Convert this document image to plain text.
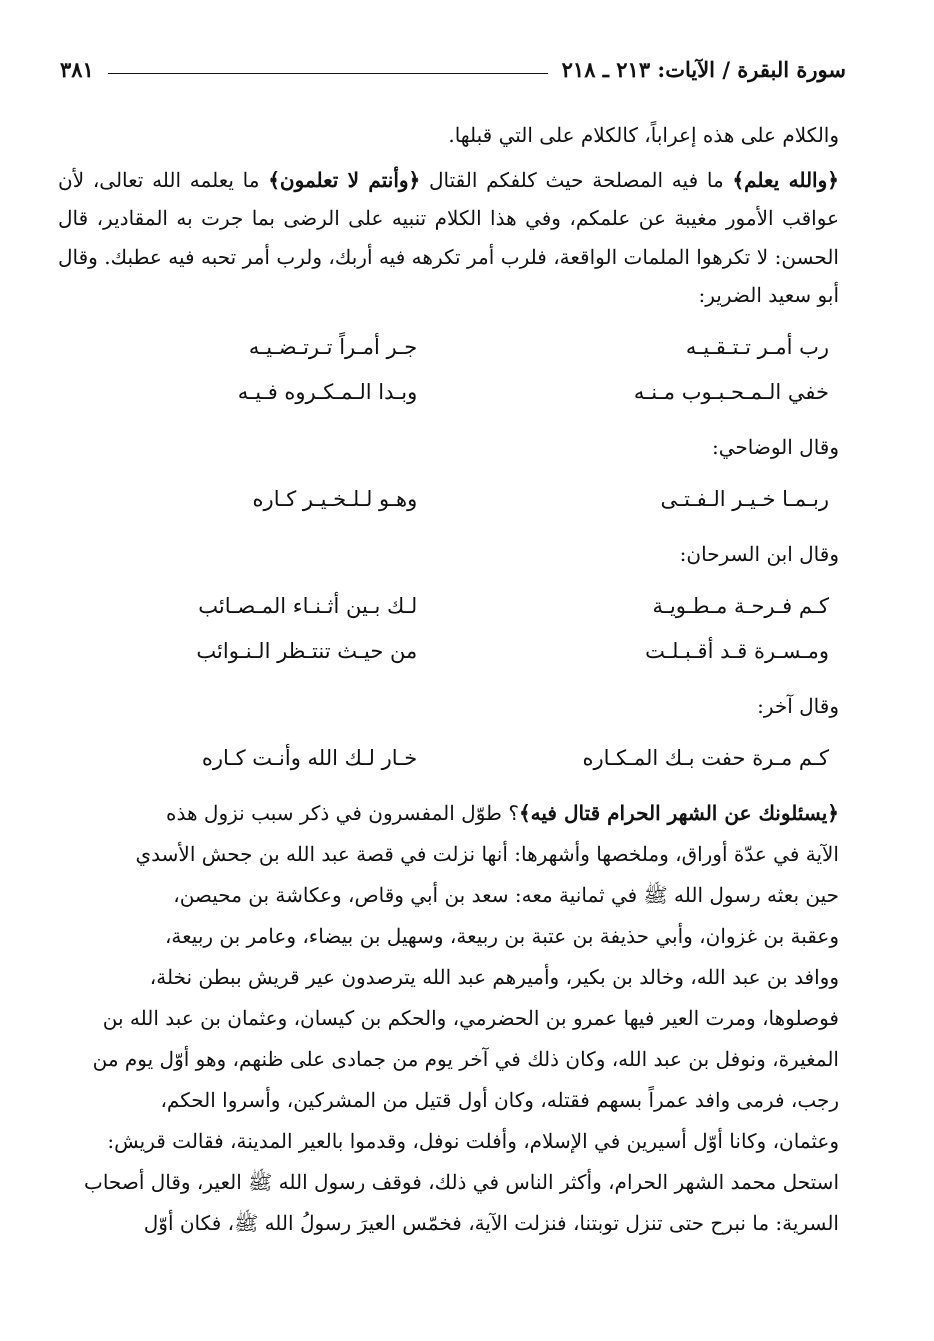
سورة البقرة / الآيات: ٢١٣ ـ ٢١٨
٣٨١

والكلام على هذه إعراباً، كالكلام على التي قبلها.

﴿والله يعلم﴾ ما فيه المصلحة حيث كلفكم القتال ﴿وأنتم لا تعلمون﴾ ما يعلمه الله تعالى، لأن عواقب الأمور مغيبة عن علمكم، وفي هذا الكلام تنبيه على الرضى بما جرت به المقادير، قال الحسن: لا تكرهوا الملمات الواقعة، فلرب أمر تكرهه فيه أربك، ولرب أمر تحبه فيه عطبك. وقال أبو سعيد الضرير:

رب أمـر تـتـقـيـه
جـر أمـراً تـرتـضـيـه
خفي الـمـحـبـوب مـنـه
وبـدا الـمـكـروه فـيـه
وقال الوضاحي:
ربـمـا خـيـر الـفـتـى
وهـو لـلـخـيـر كـاره
وقال ابن السرحان:
كـم فـرحـة مـطـويـة
لـك بـين أثـنـاء المـصـائب
ومـسـرة قـد أقـبـلـت
من حيـث تنتـظر الـنـوائب
وقال آخر:
كـم مـرة حفت بـك المـكـاره
خـار لـك الله وأنـت كـاره
﴿يسئلونك عن الشهر الحرام قتال فيه﴾؟ طوّل المفسرون في ذكر سبب نزول هذه
الآية في عدّة أوراق، وملخصها وأشهرها: أنها نزلت في قصة عبد الله بن جحش الأسدي
حين بعثه رسول الله ﷺ في ثمانية معه: سعد بن أبي وقاص، وعكاشة بن محيصن،
وعقبة بن غزوان، وأبي حذيفة بن عتبة بن ربيعة، وسهيل بن بيضاء، وعامر بن ربيعة،
ووافد بن عبد الله، وخالد بن بكير، وأميرهم عبد الله يترصدون عير قريش ببطن نخلة،
فوصلوها، ومرت العير فيها عمرو بن الحضرمي، والحكم بن كيسان، وعثمان بن عبد الله بن
المغيرة، ونوفل بن عبد الله، وكان ذلك في آخر يوم من جمادى على ظنهم، وهو أوّل يوم من
رجب، فرمى وافد عمراً بسهم فقتله، وكان أول قتيل من المشركين، وأسروا الحكم،
وعثمان، وكانا أوّل أسيرين في الإسلام، وأفلت نوفل، وقدموا بالعير المدينة، فقالت قريش:
استحل محمد الشهر الحرام، وأكثر الناس في ذلك، فوقف رسول الله ﷺ العير، وقال أصحاب
السرية: ما نبرح حتى تنزل توبتنا، فنزلت الآية، فخمّس العيرَ رسولُ الله ﷺ، فكان أوّل
